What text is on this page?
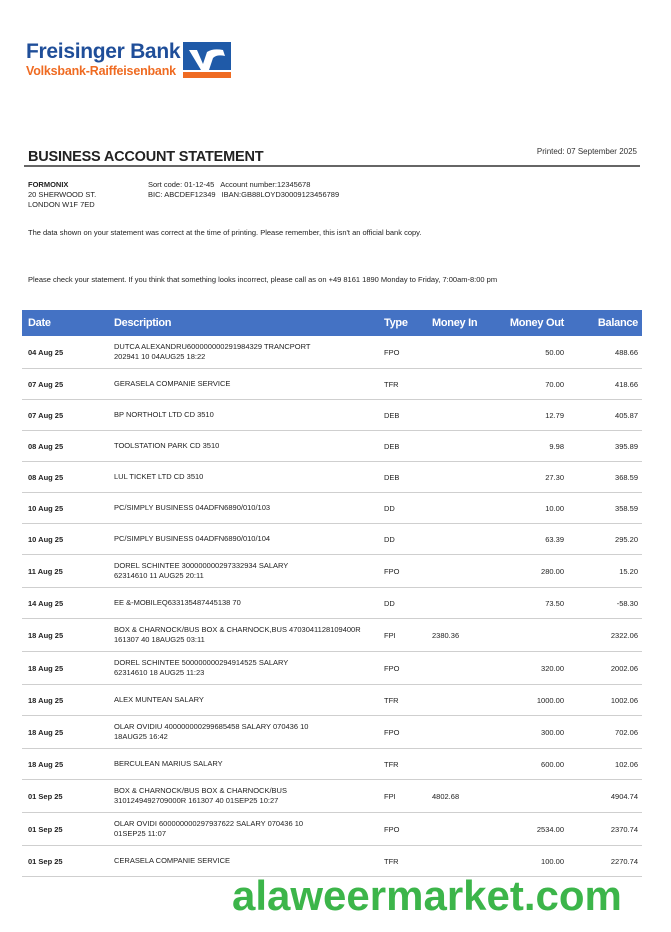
Freisinger Bank
Volksbank-Raiffeisenbank
BUSINESS ACCOUNT STATEMENT	Printed: 07 September 2025
FORMONIX
20 SHERWOOD ST.
LONDON W1F 7ED
Sort code: 01-12-45 Account number:12345678
BIC: ABCDEF12349 IBAN:GB88LOYD30009123456789
The data shown on your statement was correct at the time of printing. Please remember, this isn't an official bank copy.
Please check your statement. If you think that something looks incorrect, please call as on +49 8161 1890 Monday to Friday, 7:00am-8:00 pm
Date	Description	Type	Money In	Money Out	Balance
04 Aug 25	DUTCA ALEXANDRU600000000291984329 TRANCPORT
202941 10 04AUG25 18:22	FPO		50.00	488.66
07 Aug 25	GERASELA COMPANIE SERVICE	TFR		70.00	418.66
07 Aug 25	BP NORTHOLT LTD CD 3510	DEB		12.79	405.87
08 Aug 25	TOOLSTATION PARK CD 3510	DEB		9.98	395.89
08 Aug 25	LUL TICKET LTD CD 3510	DEB		27.30	368.59
10 Aug 25	PC/SIMPLY BUSINESS 04ADFN6890/010/103	DD		10.00	358.59
10 Aug 25	PC/SIMPLY BUSINESS 04ADFN6890/010/104	DD		63.39	295.20
11 Aug 25	DOREL SCHINTEE 300000000297332934 SALARY
62314610 11 AUG25 20:11	FPO		280.00	15.20
14 Aug 25	EE &-MOBILEQ633135487445138 70	DD		73.50	-58.30
18 Aug 25	BOX & CHARNOCK/BUS BOX & CHARNOCK,BUS 4703041128109400R
161307 40 18AUG25 03:11	FPI	2380.36		2322.06
18 Aug 25	DOREL SCHINTEE 500000000294914525 SALARY
62314610 18 AUG25 11:23	FPO		320.00	2002.06
18 Aug 25	ALEX MUNTEAN SALARY	TFR		1000.00	1002.06
18 Aug 25	OLAR OVIDIU 400000000299685458 SALARY 070436 10
18AUG25 16:42	FPO		300.00	702.06
18 Aug 25	BERCULEAN MARIUS SALARY	TFR		600.00	102.06
01 Sep 25	BOX & CHARNOCK/BUS BOX & CHARNOCK/BUS
3101249492709000R 161307 40 01SEP25 10:27	FPI	4802.68		4904.74
01 Sep 25	OLAR OVIDI 600000000297937622 SALARY 070436 10
01SEP25 11:07	FPO		2534.00	2370.74
01 Sep 25	CERASELA COMPANIE SERVICE	TFR		100.00	2270.74
alaweermarket.com
